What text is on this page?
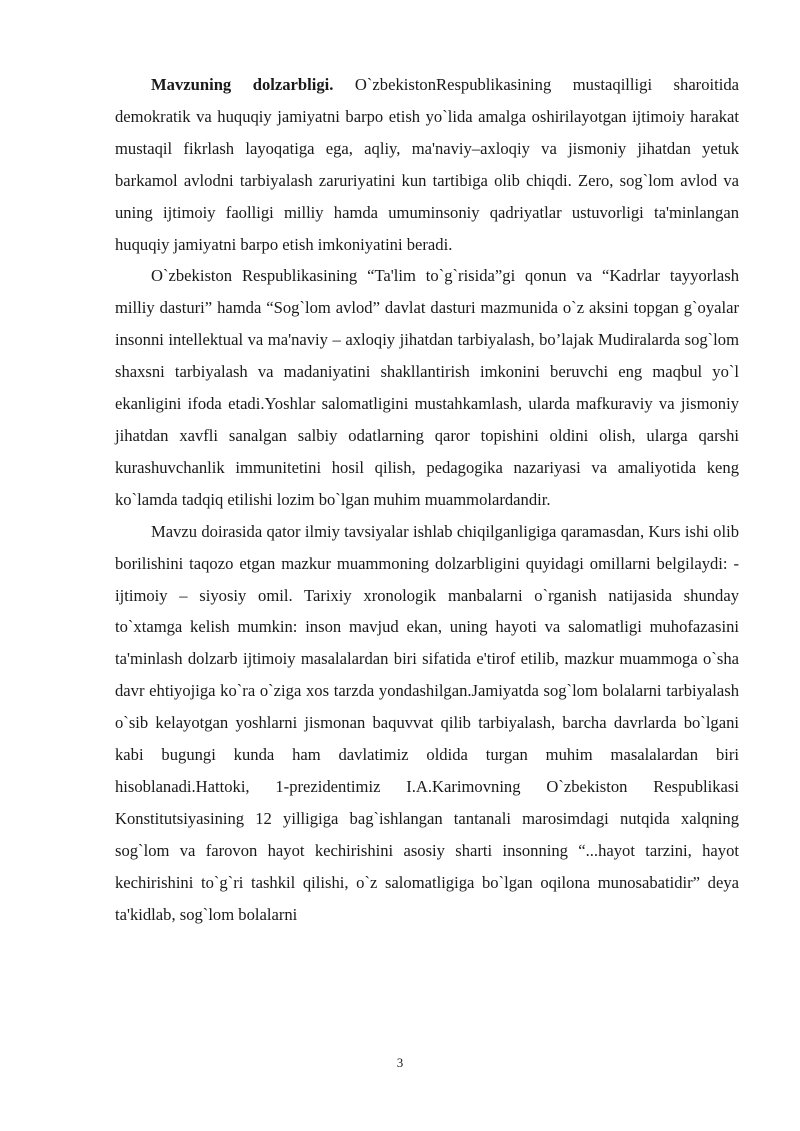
Mavzuning dolzarbligi. O`zbekistonRespublikasining mustaqilligi sharoitida demokratik va huquqiy jamiyatni barpo etish yo`lida amalga oshirilayotgan ijtimoiy harakat mustaqil fikrlash layoqatiga ega, aqliy, ma'naviy–axloqiy va jismoniy jihatdan yetuk barkamol avlodni tarbiyalash zaruriyatini kun tartibiga olib chiqdi. Zero, sog`lom avlod va uning ijtimoiy faolligi milliy hamda umuminsoniy qadriyatlar ustuvorligi ta'minlangan huquqiy jamiyatni barpo etish imkoniyatini beradi.

O`zbekiston Respublikasining “Ta'lim to`g`risida”gi qonun va “Kadrlar tayyorlash milliy dasturi” hamda “Sog`lom avlod” davlat dasturi mazmunida o`z aksini topgan g`oyalar insonni intellektual va ma'naviy – axloqiy jihatdan tarbiyalash, bo’lajak Mudiralarda sog`lom shaxsni tarbiyalash va madaniyatini shakllantirish imkonini beruvchi eng maqbul yo`l ekanligini ifoda etadi.Yoshlar salomatligini mustahkamlash, ularda mafkuraviy va jismoniy jihatdan xavfli sanalgan salbiy odatlarning qaror topishini oldini olish, ularga qarshi kurashuvchanlik immunitetini hosil qilish, pedagogika nazariyasi va amaliyotida keng ko`lamda tadqiq etilishi lozim bo`lgan muhim muammolardandir.

Mavzu doirasida qator ilmiy tavsiyalar ishlab chiqilganligiga qaramasdan, Kurs ishi olib borilishini taqozo etgan mazkur muammoning dolzarbligini quyidagi omillarni belgilaydi: - ijtimoiy – siyosiy omil. Tarixiy xronologik manbalarni o`rganish natijasida shunday to`xtamga kelish mumkin: inson mavjud ekan, uning hayoti va salomatligi muhofazasini ta'minlash dolzarb ijtimoiy masalalardan biri sifatida e'tirof etilib, mazkur muammoga o`sha davr ehtiyojiga ko`ra o`ziga xos tarzda yondashilgan.Jamiyatda sog`lom bolalarni tarbiyalash o`sib kelayotgan yoshlarni jismonan baquvvat qilib tarbiyalash, barcha davrlarda bo`lgani kabi bugungi kunda ham davlatimiz oldida turgan muhim masalalardan biri hisoblanadi.Hattoki, 1-prezidentimiz I.A.Karimovning O`zbekiston Respublikasi Konstitutsiyasining 12 yilligiga bag`ishlangan tantanali marosimdagi nutqida xalqning sog`lom va farovon hayot kechirishini asosiy sharti insonning “...hayot tarzini, hayot kechirishini to`g`ri tashkil qilishi, o`z salomatligiga bo`lgan oqilona munosabatidir” deya ta'kidlab, sog`lom bolalarni

3
